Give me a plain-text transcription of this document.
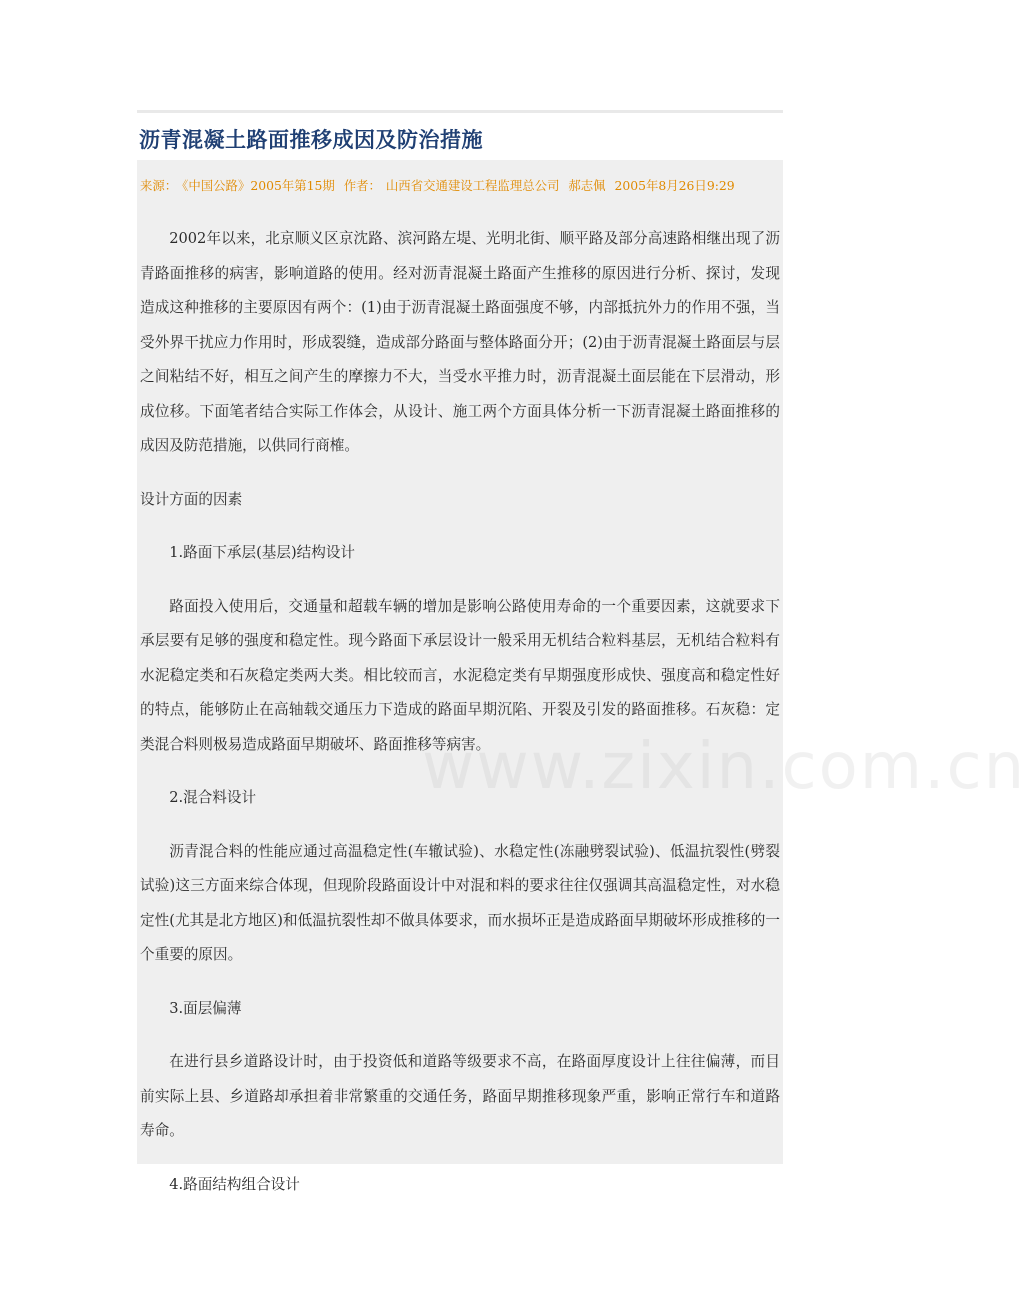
沥青混凝土路面推移成因及防治措施
来源： 《中国公路》2005年第15期 作者： 山西省交通建设工程监理总公司 郝志佩 2005年8月26日9:29
www.zixin.com.cn

2002年以来，北京顺义区京沈路、滨河路左堤、光明北街、顺平路及部分高速路相继出现了沥青路面推移的病害，影响道路的使用。经对沥青混凝土路面产生推移的原因进行分析、探讨，发现造成这种推移的主要原因有两个：(1)由于沥青混凝土路面强度不够，内部抵抗外力的作用不强，当受外界干扰应力作用时，形成裂缝，造成部分路面与整体路面分开；(2)由于沥青混凝土路面层与层之间粘结不好，相互之间产生的摩擦力不大，当受水平推力时，沥青混凝土面层能在下层滑动，形成位移。下面笔者结合实际工作体会，从设计、施工两个方面具体分析一下沥青混凝土路面推移的成因及防范措施，以供同行商榷。

设计方面的因素

1.路面下承层(基层)结构设计

路面投入使用后，交通量和超载车辆的增加是影响公路使用寿命的一个重要因素，这就要求下承层要有足够的强度和稳定性。现今路面下承层设计一般采用无机结合粒料基层，无机结合粒料有水泥稳定类和石灰稳定类两大类。相比较而言，水泥稳定类有早期强度形成快、强度高和稳定性好的特点，能够防止在高轴载交通压力下造成的路面早期沉陷、开裂及引发的路面推移。石灰稳：定类混合料则极易造成路面早期破坏、路面推移等病害。

2.混合料设计

沥青混合料的性能应通过高温稳定性(车辙试验)、水稳定性(冻融劈裂试验)、低温抗裂性(劈裂试验)这三方面来综合体现，但现阶段路面设计中对混和料的要求往往仅强调其高温稳定性，对水稳定性(尤其是北方地区)和低温抗裂性却不做具体要求，而水损坏正是造成路面早期破坏形成推移的一个重要的原因。

3.面层偏薄

在进行县乡道路设计时，由于投资低和道路等级要求不高，在路面厚度设计上往往偏薄，而目前实际上县、乡道路却承担着非常繁重的交通任务，路面早期推移现象严重，影响正常行车和道路寿命。

4.路面结构组合设计
